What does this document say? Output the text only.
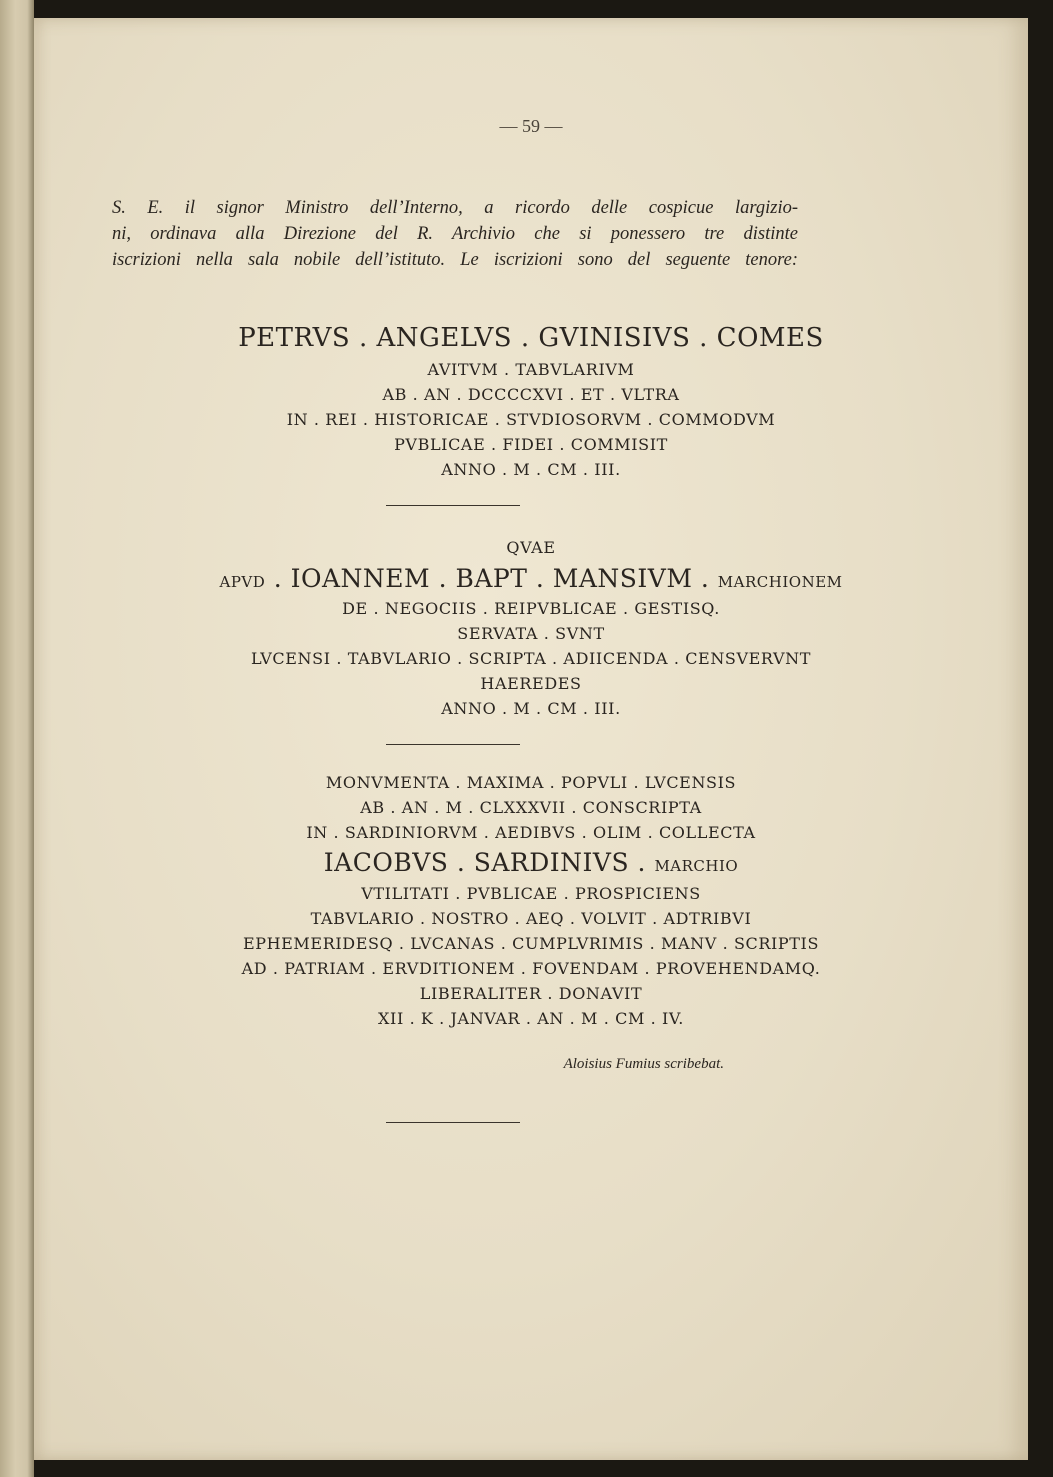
— 59 —
S. E. il signor Ministro dell’Interno, a ricordo delle cospicue largizio-
ni, ordinava alla Direzione del R. Archivio che si ponessero tre distinte
iscrizioni nella sala nobile dell’istituto. Le iscrizioni sono del seguente tenore:
PETRVS . ANGELVS . GVINISIVS . COMES
AVITVM . TABVLARIVM
AB . AN . DCCCCXVI . ET . VLTRA
IN . REI . HISTORICAE . STVDIOSORVM . COMMODVM
PVBLICAE . FIDEI . COMMISIT
ANNO . M . CM . III.
QVAE
APVD . IOANNEM . BAPT . MANSIVM . MARCHIONEM
DE . NEGOCIIS . REIPVBLICAE . GESTISQ.
SERVATA . SVNT
LVCENSI . TABVLARIO . SCRIPTA . ADIICENDA . CENSVERVNT
HAEREDES
ANNO . M . CM . III.
MONVMENTA . MAXIMA . POPVLI . LVCENSIS
AB . AN . M . CLXXXVII . CONSCRIPTA
IN . SARDINIORVM . AEDIBVS . OLIM . COLLECTA
IACOBVS . SARDINIVS . MARCHIO
VTILITATI . PVBLICAE . PROSPICIENS
TABVLARIO . NOSTRO . AEQ . VOLVIT . ADTRIBVI
EPHEMERIDESQ . LVCANAS . CUMPLVRIMIS . MANV . SCRIPTIS
AD . PATRIAM . ERVDITIONEM . FOVENDAM . PROVEHENDAMQ.
LIBERALITER . DONAVIT
XII . K . JANVAR . AN . M . CM . IV.
Aloisius Fumius scribebat.
